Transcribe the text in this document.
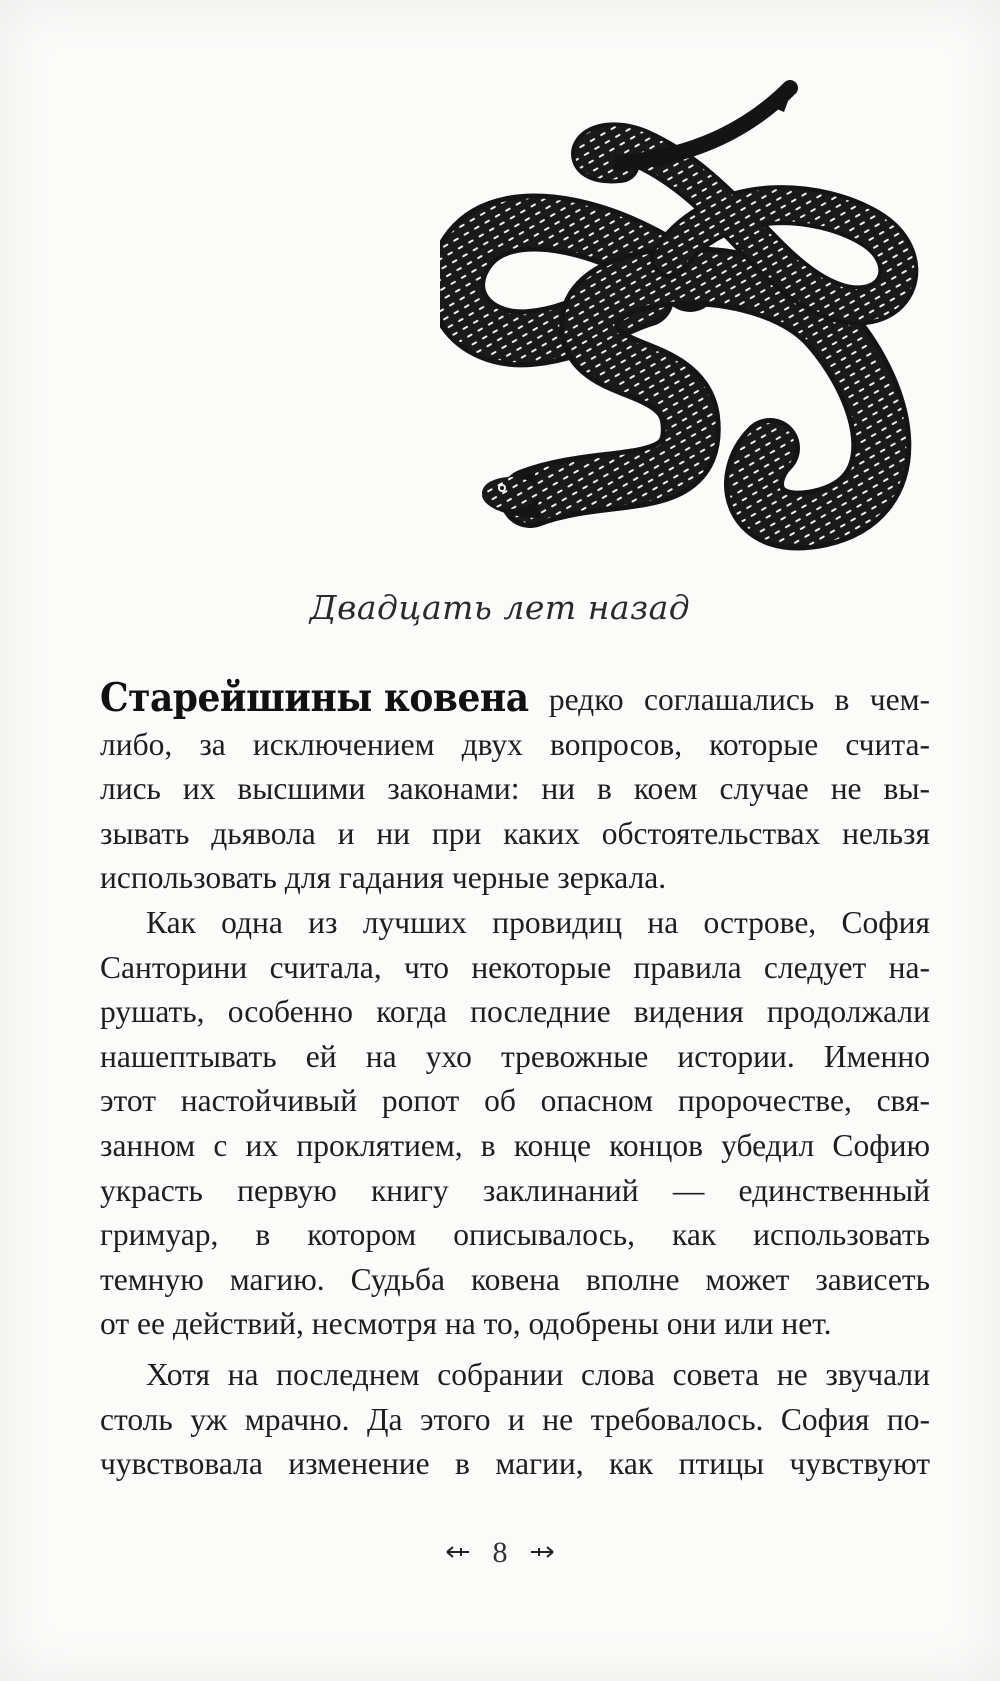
Двадцать лет назад
Старейшины ковена редко соглашались в чем-
либо, за исключением двух вопросов, которые счита-
лись их высшими законами: ни в коем случае не вы-
зывать дьявола и ни при каких обстоятельствах нельзя
использовать для гадания черные зеркала.
Как одна из лучших провидиц на острове, София
Санторини считала, что некоторые правила следует на-
рушать, особенно когда последние видения продолжали
нашептывать ей на ухо тревожные истории. Именно
этот настойчивый ропот об опасном пророчестве, свя-
занном с их проклятием, в конце концов убедил Софию
украсть первую книгу заклинаний — единственный
гримуар, в котором описывалось, как использовать
темную магию. Судьба ковена вполне может зависеть
от ее действий, несмотря на то, одобрены они или нет.
Хотя на последнем собрании слова совета не звучали
столь уж мрачно. Да этого и не требовалось. София по-
чувствовала изменение в магии, как птицы чувствуют
8
